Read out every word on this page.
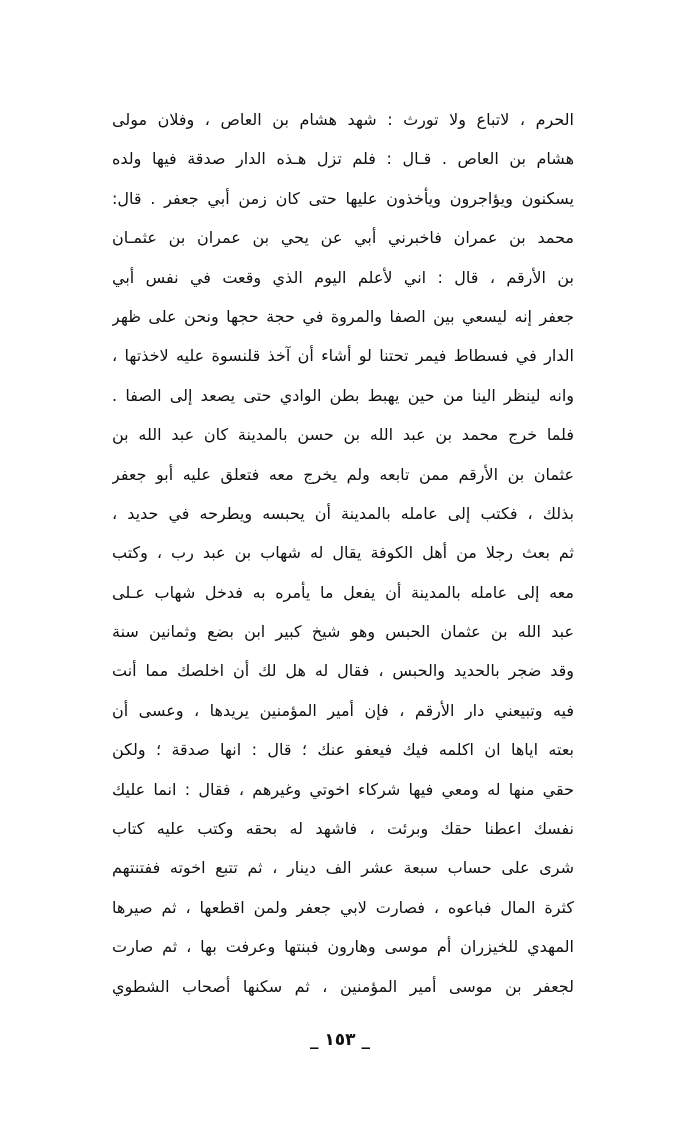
الحرم ، لاتباع ولا تورث : شهد هشام بن العاص ، وفلان مولى
هشام بن العاص . قـال : فلم تزل هـذه الدار صدقة فيها ولده
يسكنون ويؤاجرون ويأخذون عليها حتى كان زمن أبي جعفر . قال:
محمد بن عمران فاخبرني أبي عن يحي بن عمران بن عثمـان
بن الأرقم ، قال : اني لأعلم اليوم الذي وقعت في نفس أبي
جعفر إنه ليسعي بين الصفا والمروة في حجة حجها ونحن على ظهر
الدار في فسطاط فيمر تحتنا لو أشاء أن آخذ قلنسوة عليه لاخذتها ،
وانه لينظر الينا من حين يهبط بطن الوادي حتى يصعد إلى الصفا .
فلما خرج محمد بن عبد الله بن حسن بالمدينة كان عبد الله بن
عثمان بن الأرقم ممن تابعه ولم يخرج معه فتعلق عليه أبو جعفر
بذلك ، فكتب إلى عامله بالمدينة أن يحبسه ويطرحه في حديد ،
ثم بعث رجلا من أهل الكوفة يقال له شهاب بن عبد رب ، وكتب
معه إلى عامله بالمدينة أن يفعل ما يأمره به فدخل شهاب عـلى
عبد الله بن عثمان الحبس وهو شيخ كبير ابن بضع وثمانين سنة
وقد ضجر بالحديد والحبس ، فقال له هل لك أن اخلصك مما أنت
فيه وتبيعني دار الأرقم ، فإن أمير المؤمنين يريدها ، وعسى أن
بعته اياها ان اكلمه فيك فيعفو عنك ؛ قال : انها صدقة ؛ ولكن
حقي منها له ومعي فيها شركاء اخوتي وغيرهم ، فقال : انما عليك
نفسك اعطنا حقك وبرئت ، فاشهد له بحقه وكتب عليه كتاب
شرى على حساب سبعة عشر الف دينار ، ثم تتبع اخوته ففتنتهم
كثرة المال فباعوه ، فصارت لابي جعفر ولمن اقطعها ، ثم صيرها
المهدي للخيزران أم موسى وهارون فبنتها وعرفت بها ، ثم صارت
لجعفر بن موسى أمير المؤمنين ، ثم سكنها أصحاب الشطوي
_ ١٥٣ _
